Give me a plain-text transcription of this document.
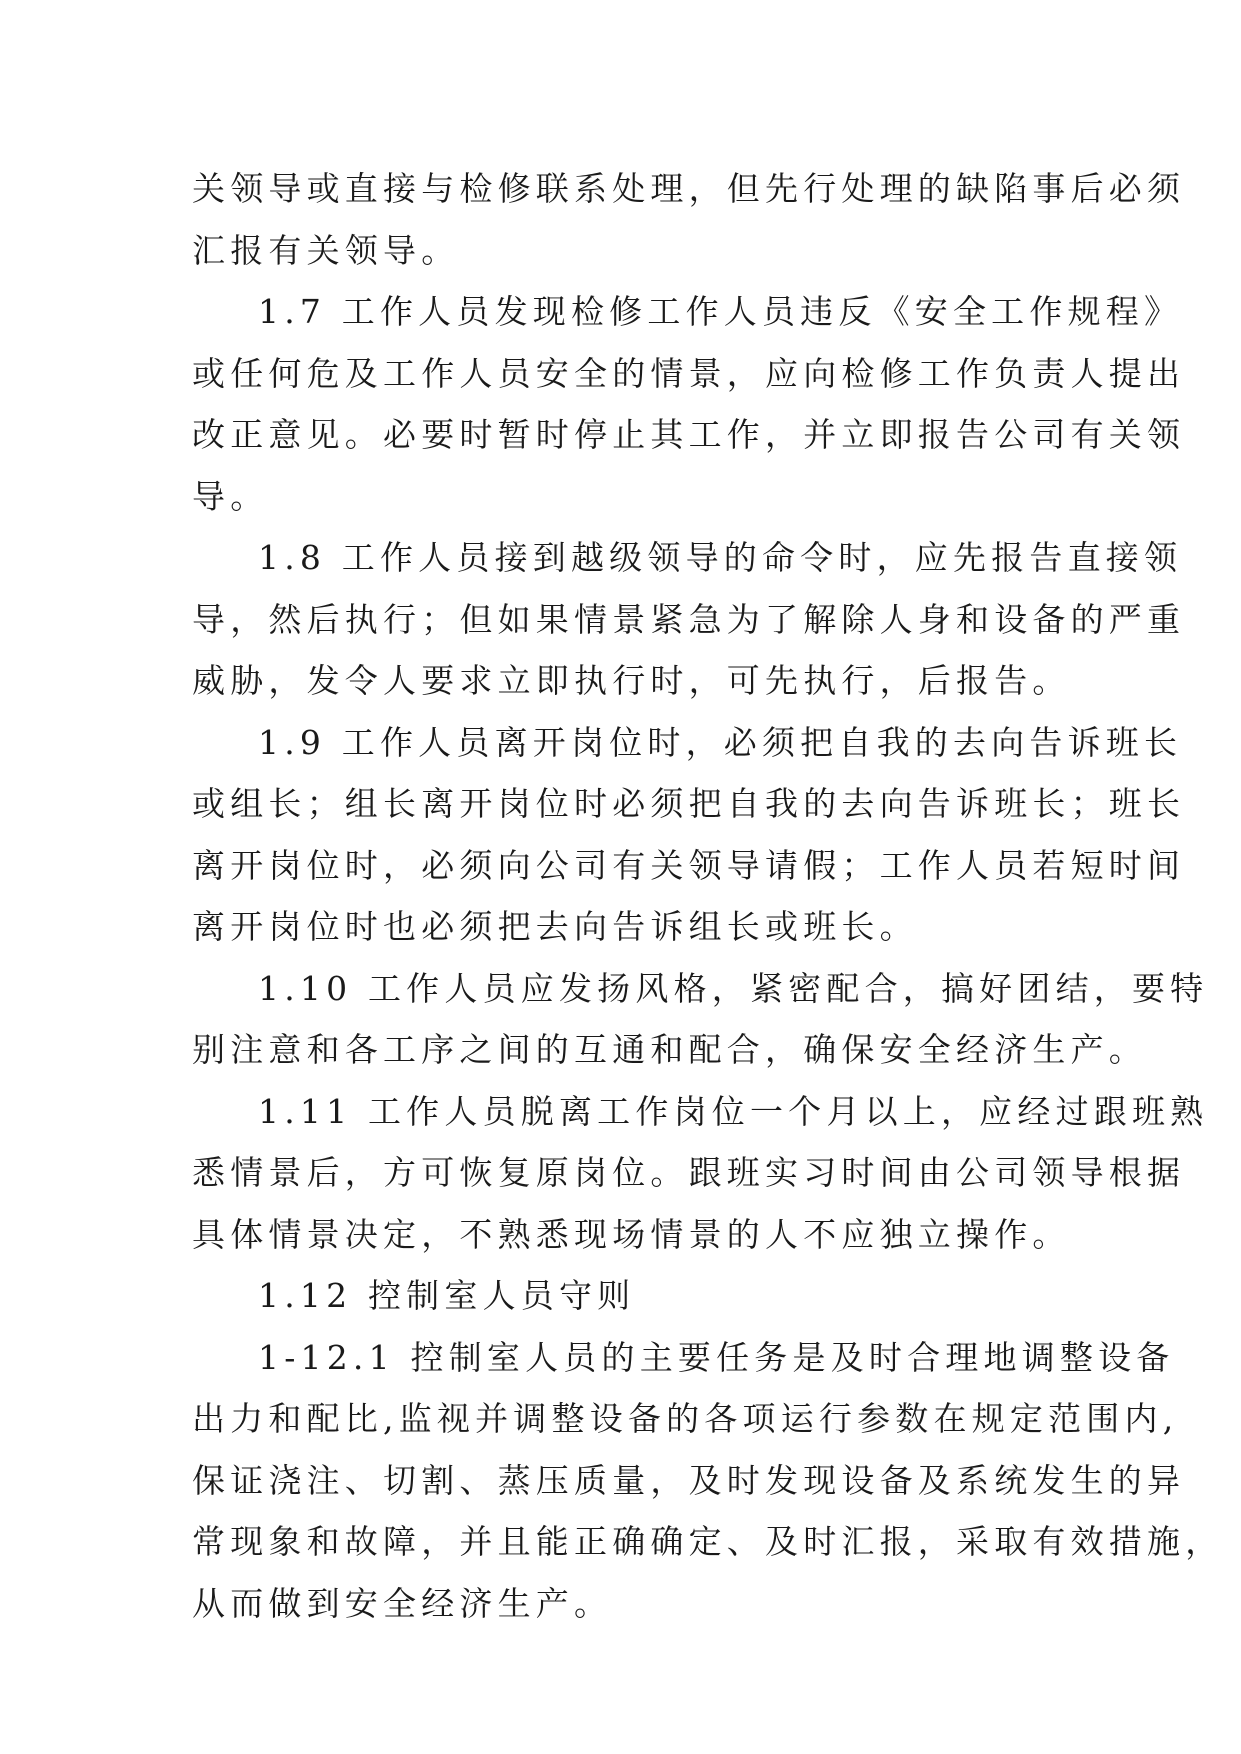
关领导或直接与检修联系处理，但先行处理的缺陷事后必须
汇报有关领导。
1.7 工作人员发现检修工作人员违反《安全工作规程》
或任何危及工作人员安全的情景，应向检修工作负责人提出
改正意见。必要时暂时停止其工作，并立即报告公司有关领
导。
1.8 工作人员接到越级领导的命令时，应先报告直接领
导，然后执行；但如果情景紧急为了解除人身和设备的严重
威胁，发令人要求立即执行时，可先执行，后报告。
1.9 工作人员离开岗位时，必须把自我的去向告诉班长
或组长；组长离开岗位时必须把自我的去向告诉班长；班长
离开岗位时，必须向公司有关领导请假；工作人员若短时间
离开岗位时也必须把去向告诉组长或班长。
1.10 工作人员应发扬风格，紧密配合，搞好团结，要特
别注意和各工序之间的互通和配合，确保安全经济生产。
1.11 工作人员脱离工作岗位一个月以上，应经过跟班熟
悉情景后，方可恢复原岗位。跟班实习时间由公司领导根据
具体情景决定，不熟悉现场情景的人不应独立操作。
1.12 控制室人员守则
1-12.1 控制室人员的主要任务是及时合理地调整设备
出力和配比,监视并调整设备的各项运行参数在规定范围内,
保证浇注、切割、蒸压质量，及时发现设备及系统发生的异
常现象和故障，并且能正确确定、及时汇报，采取有效措施，
从而做到安全经济生产。
